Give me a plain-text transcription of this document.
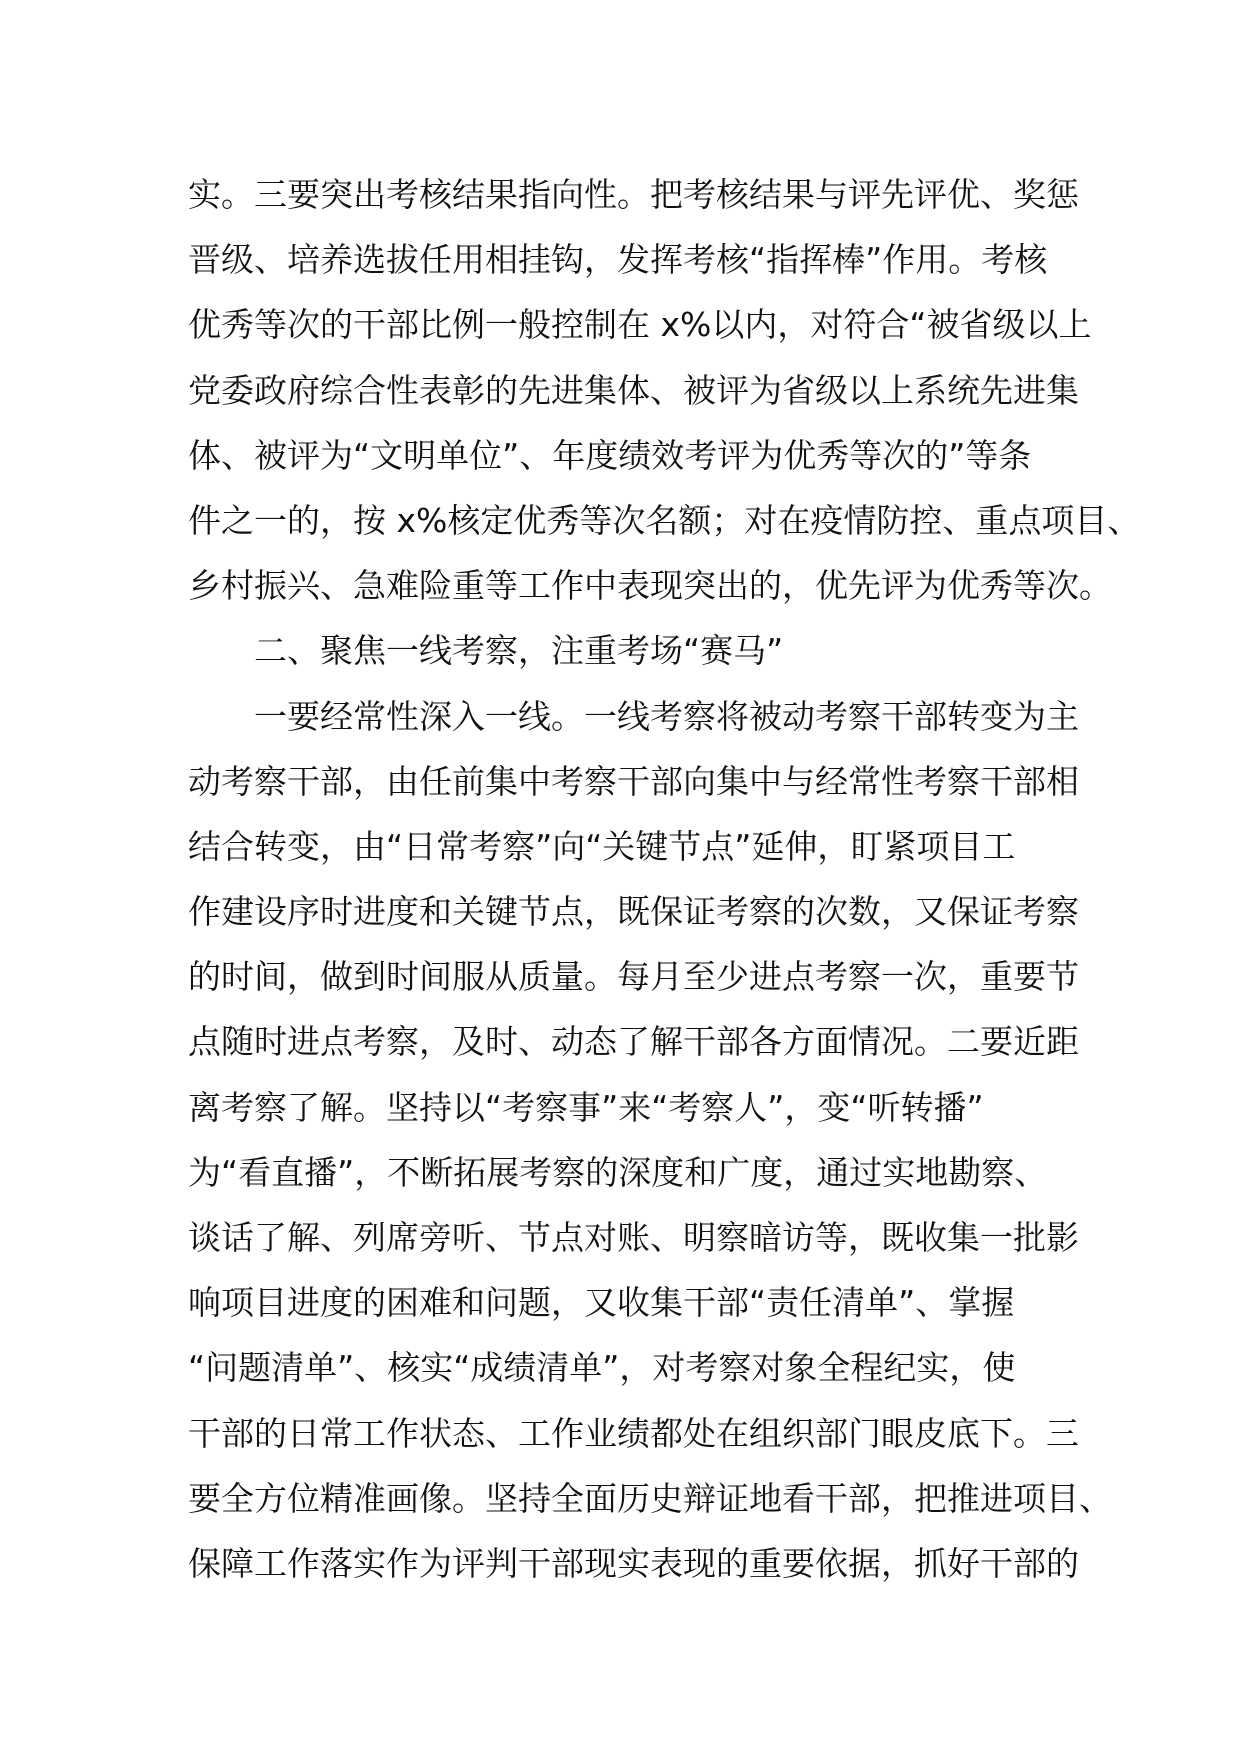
实。三要突出考核结果指向性。把考核结果与评先评优、奖惩
晋级、培养选拔任用相挂钩，发挥考核“指挥棒”作用。考核
优秀等次的干部比例一般控制在 x%以内，对符合“被省级以上
党委政府综合性表彰的先进集体、被评为省级以上系统先进集
体、被评为“文明单位”、年度绩效考评为优秀等次的”等条
件之一的，按 x%核定优秀等次名额；对在疫情防控、重点项目、
乡村振兴、急难险重等工作中表现突出的，优先评为优秀等次。
二、聚焦一线考察，注重考场“赛马”
一要经常性深入一线。一线考察将被动考察干部转变为主
动考察干部，由任前集中考察干部向集中与经常性考察干部相
结合转变，由“日常考察”向“关键节点”延伸，盯紧项目工
作建设序时进度和关键节点，既保证考察的次数，又保证考察
的时间，做到时间服从质量。每月至少进点考察一次，重要节
点随时进点考察，及时、动态了解干部各方面情况。二要近距
离考察了解。坚持以“考察事”来“考察人”，变“听转播”
为“看直播”，不断拓展考察的深度和广度，通过实地勘察、
谈话了解、列席旁听、节点对账、明察暗访等，既收集一批影
响项目进度的困难和问题，又收集干部“责任清单”、掌握
“问题清单”、核实“成绩清单”，对考察对象全程纪实，使
干部的日常工作状态、工作业绩都处在组织部门眼皮底下。三
要全方位精准画像。坚持全面历史辩证地看干部，把推进项目、
保障工作落实作为评判干部现实表现的重要依据，抓好干部的
